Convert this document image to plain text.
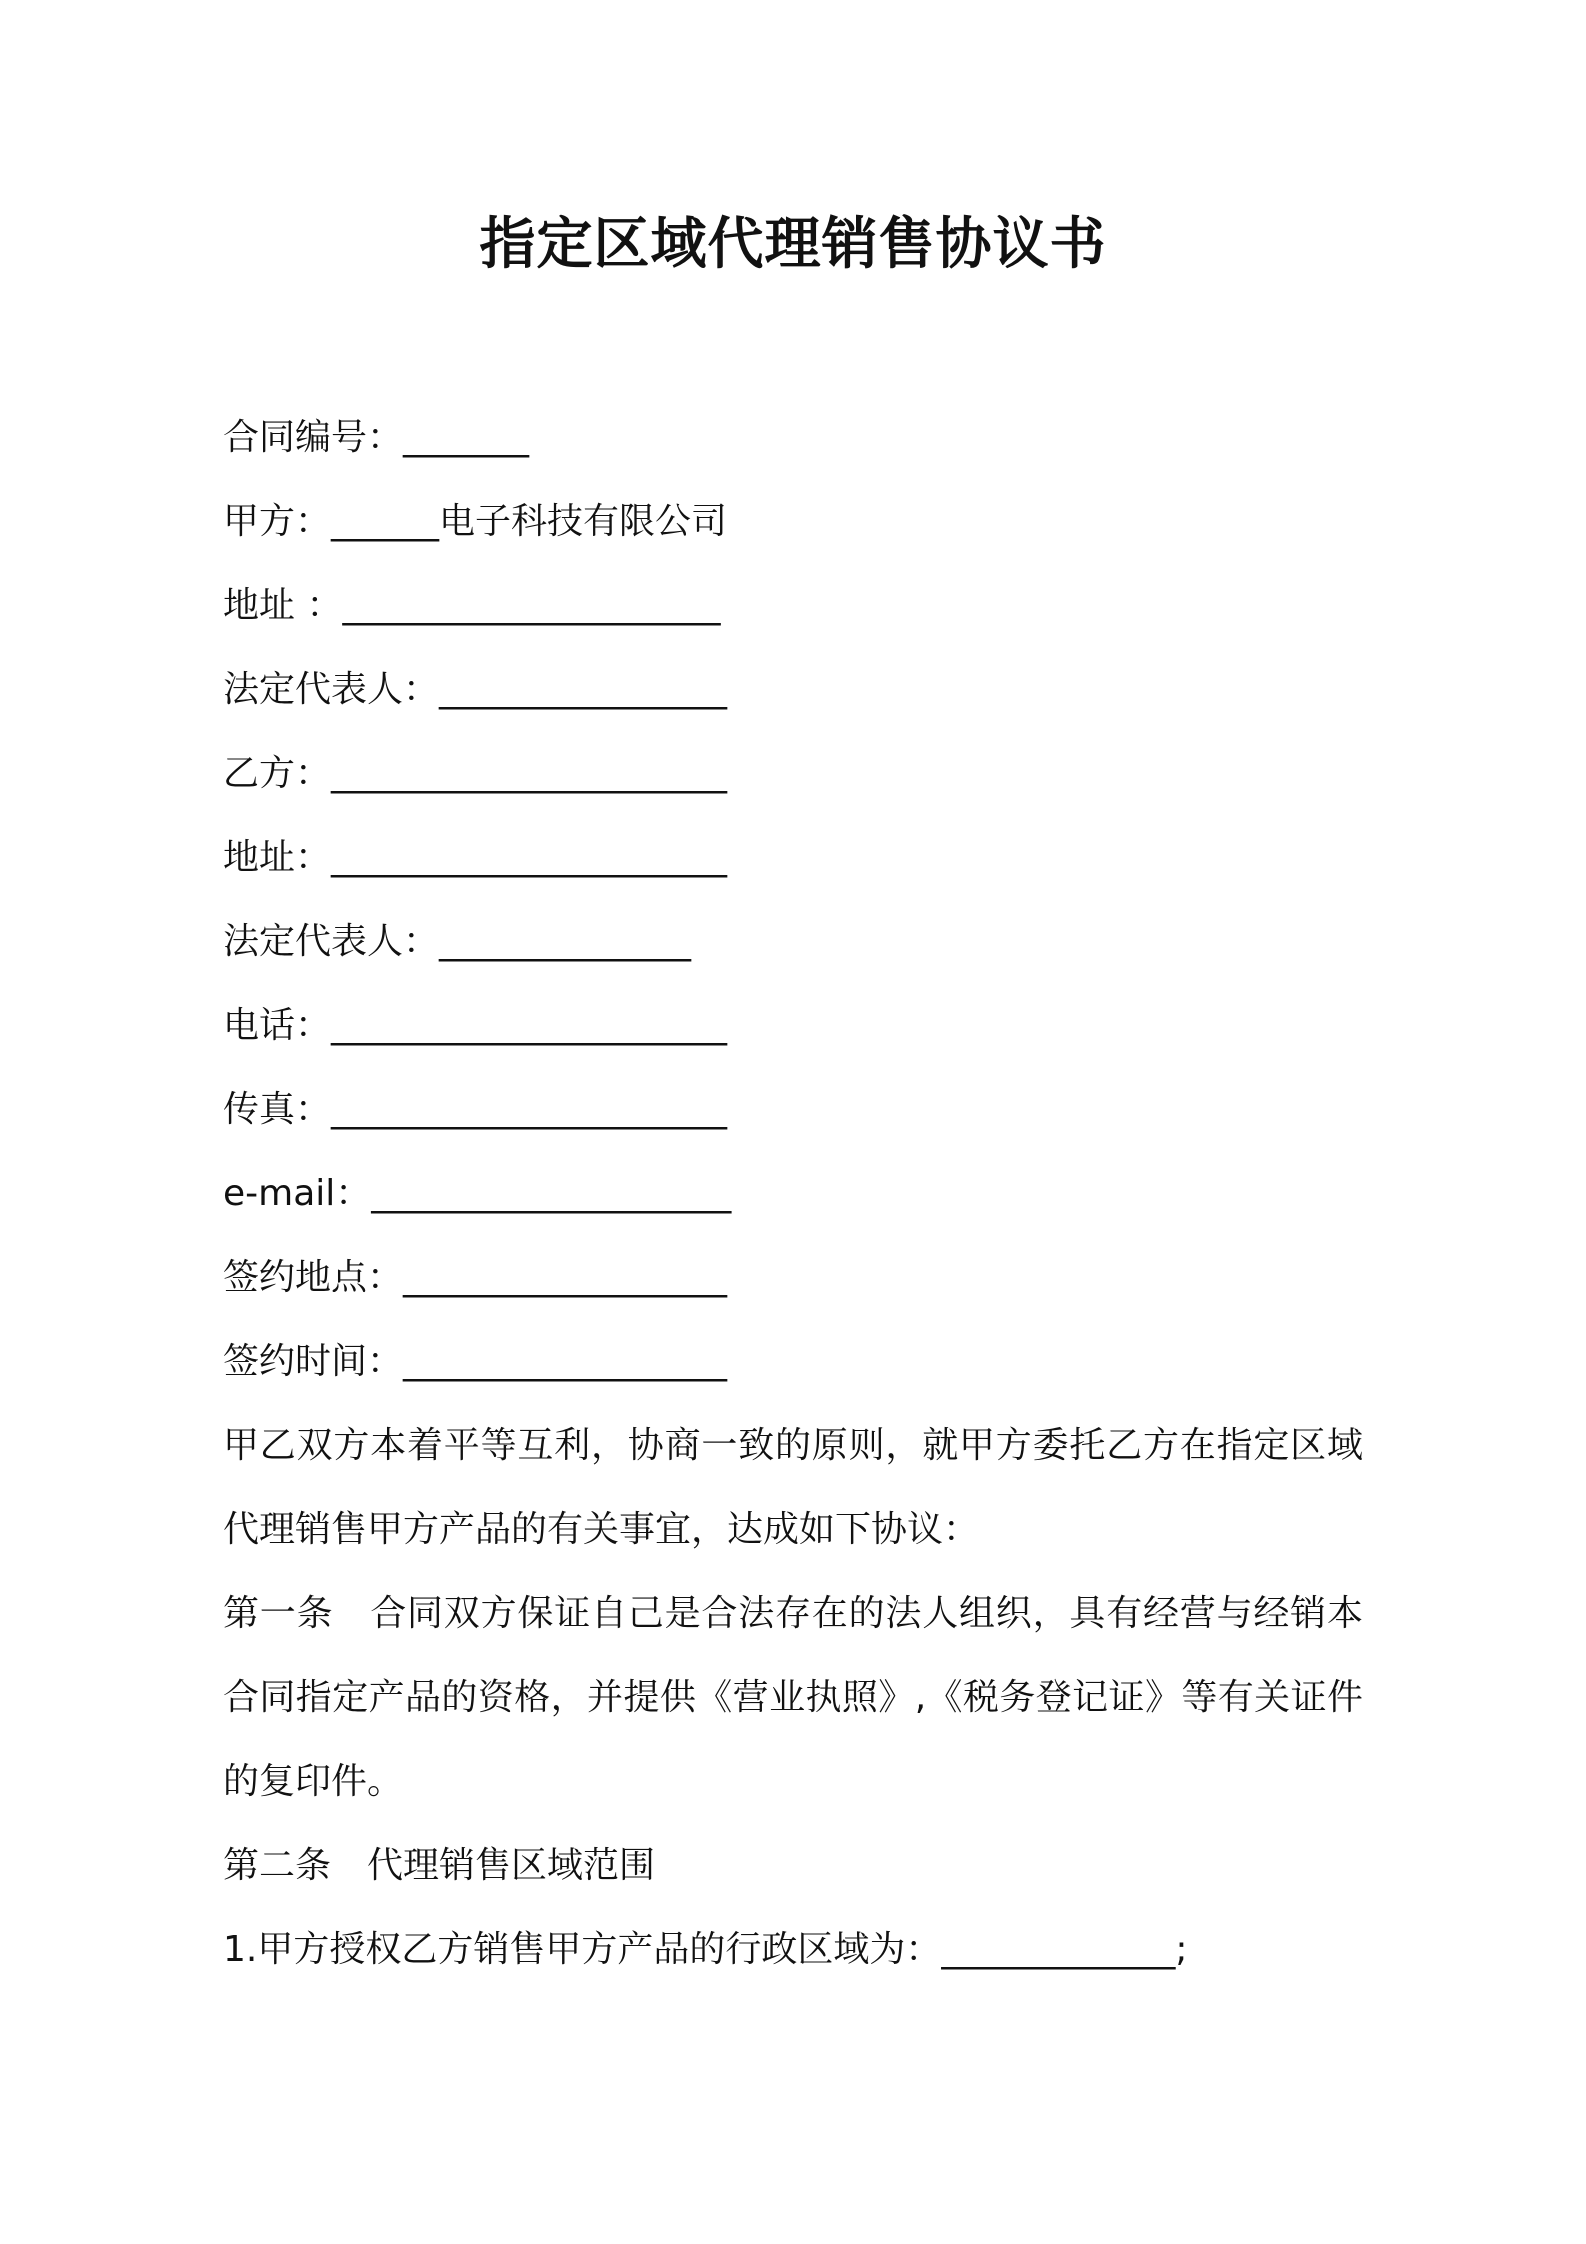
指定区域代理销售协议书
合同编号：_______
甲方：______电子科技有限公司
地址 ：_____________________
法定代表人：________________
乙方：______________________
地址：______________________
法定代表人：______________
电话：______________________
传真：______________________
e-mail：____________________
签约地点：__________________
签约时间：__________________

甲乙双方本着平等互利，协商一致的原则，就甲方委托乙方在指定区域代理销售甲方产品的有关事宜，达成如下协议：

第一条　合同双方保证自己是合法存在的法人组织，具有经营与经销本合同指定产品的资格，并提供《营业执照》,《税务登记证》等有关证件的复印件。

第二条　代理销售区域范围

1.甲方授权乙方销售甲方产品的行政区域为：_____________;
